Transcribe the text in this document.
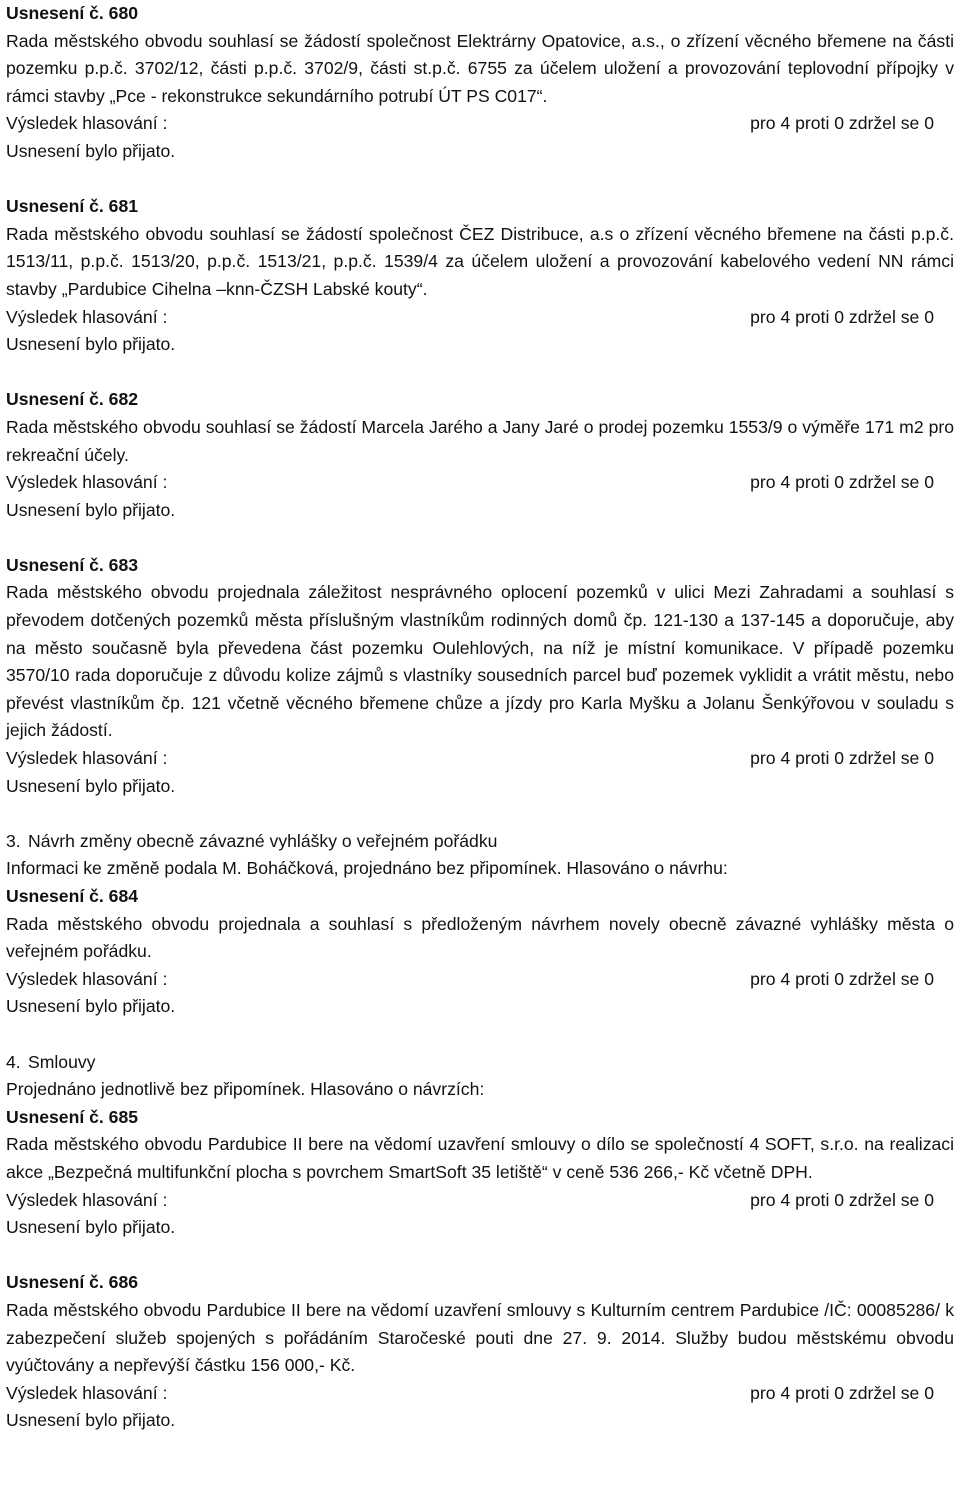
Usnesení č. 680

Rada městského obvodu souhlasí se žádostí společnost Elektrárny Opatovice, a.s., o zřízení věcného břemene na části pozemku p.p.č. 3702/12, části p.p.č. 3702/9, části st.p.č. 6755 za účelem uložení a provozování teplovodní přípojky v rámci stavby „Pce - rekonstrukce sekundárního potrubí ÚT PS C017“.

Výsledek hlasování :	pro 4 proti 0 zdržel se 0
Usnesení bylo přijato.
Usnesení č. 681

Rada městského obvodu souhlasí se žádostí společnost ČEZ Distribuce, a.s o zřízení věcného břemene na části p.p.č. 1513/11, p.p.č. 1513/20, p.p.č. 1513/21, p.p.č. 1539/4 za účelem uložení a provozování kabelového vedení NN rámci stavby „Pardubice Cihelna –knn-ČZSH Labské kouty“.

Výsledek hlasování :	pro 4 proti 0 zdržel se 0
Usnesení bylo přijato.
Usnesení č. 682

Rada městského obvodu souhlasí se žádostí Marcela Jarého a Jany Jaré o prodej pozemku 1553/9 o výměře 171 m2 pro rekreační účely.

Výsledek hlasování :	pro 4 proti 0 zdržel se 0
Usnesení bylo přijato.
Usnesení č. 683

Rada městského obvodu projednala záležitost nesprávného oplocení pozemků v ulici Mezi Zahradami a souhlasí s převodem dotčených pozemků města příslušným vlastníkům rodinných domů čp. 121-130 a 137-145 a doporučuje, aby na město současně byla převedena část pozemku Oulehlových, na níž je místní komunikace. V případě pozemku 3570/10 rada doporučuje z důvodu kolize zájmů s vlastníky sousedních parcel buď pozemek vyklidit a vrátit městu, nebo převést vlastníkům čp. 121 včetně věcného břemene chůze a jízdy pro Karla Myšku a Jolanu Šenkýřovou v souladu s jejich žádostí.

Výsledek hlasování :	pro 4 proti 0 zdržel se 0
Usnesení bylo přijato.
3. Návrh změny obecně závazné vyhlášky o veřejném pořádku
Informaci ke změně podala M. Boháčková, projednáno bez připomínek. Hlasováno o návrhu:
Usnesení č. 684

Rada městského obvodu projednala a souhlasí s předloženým návrhem novely obecně závazné vyhlášky města o veřejném pořádku.

Výsledek hlasování :	pro 4 proti 0 zdržel se 0
Usnesení bylo přijato.
4. Smlouvy
Projednáno jednotlivě bez připomínek. Hlasováno o návrzích:
Usnesení č. 685

Rada městského obvodu Pardubice II bere na vědomí uzavření smlouvy o dílo se společností 4 SOFT, s.r.o. na realizaci akce „Bezpečná multifunkční plocha s povrchem SmartSoft 35 letiště“ v ceně 536 266,- Kč včetně DPH.

Výsledek hlasování :	pro 4 proti 0 zdržel se 0
Usnesení bylo přijato.
Usnesení č. 686

Rada městského obvodu Pardubice II bere na vědomí uzavření smlouvy s Kulturním centrem Pardubice /IČ: 00085286/ k zabezpečení služeb spojených s pořádáním Staročeské pouti dne 27. 9. 2014. Služby budou městskému obvodu vyúčtovány a nepřevýší částku 156 000,- Kč.

Výsledek hlasování :	pro 4 proti 0 zdržel se 0
Usnesení bylo přijato.
